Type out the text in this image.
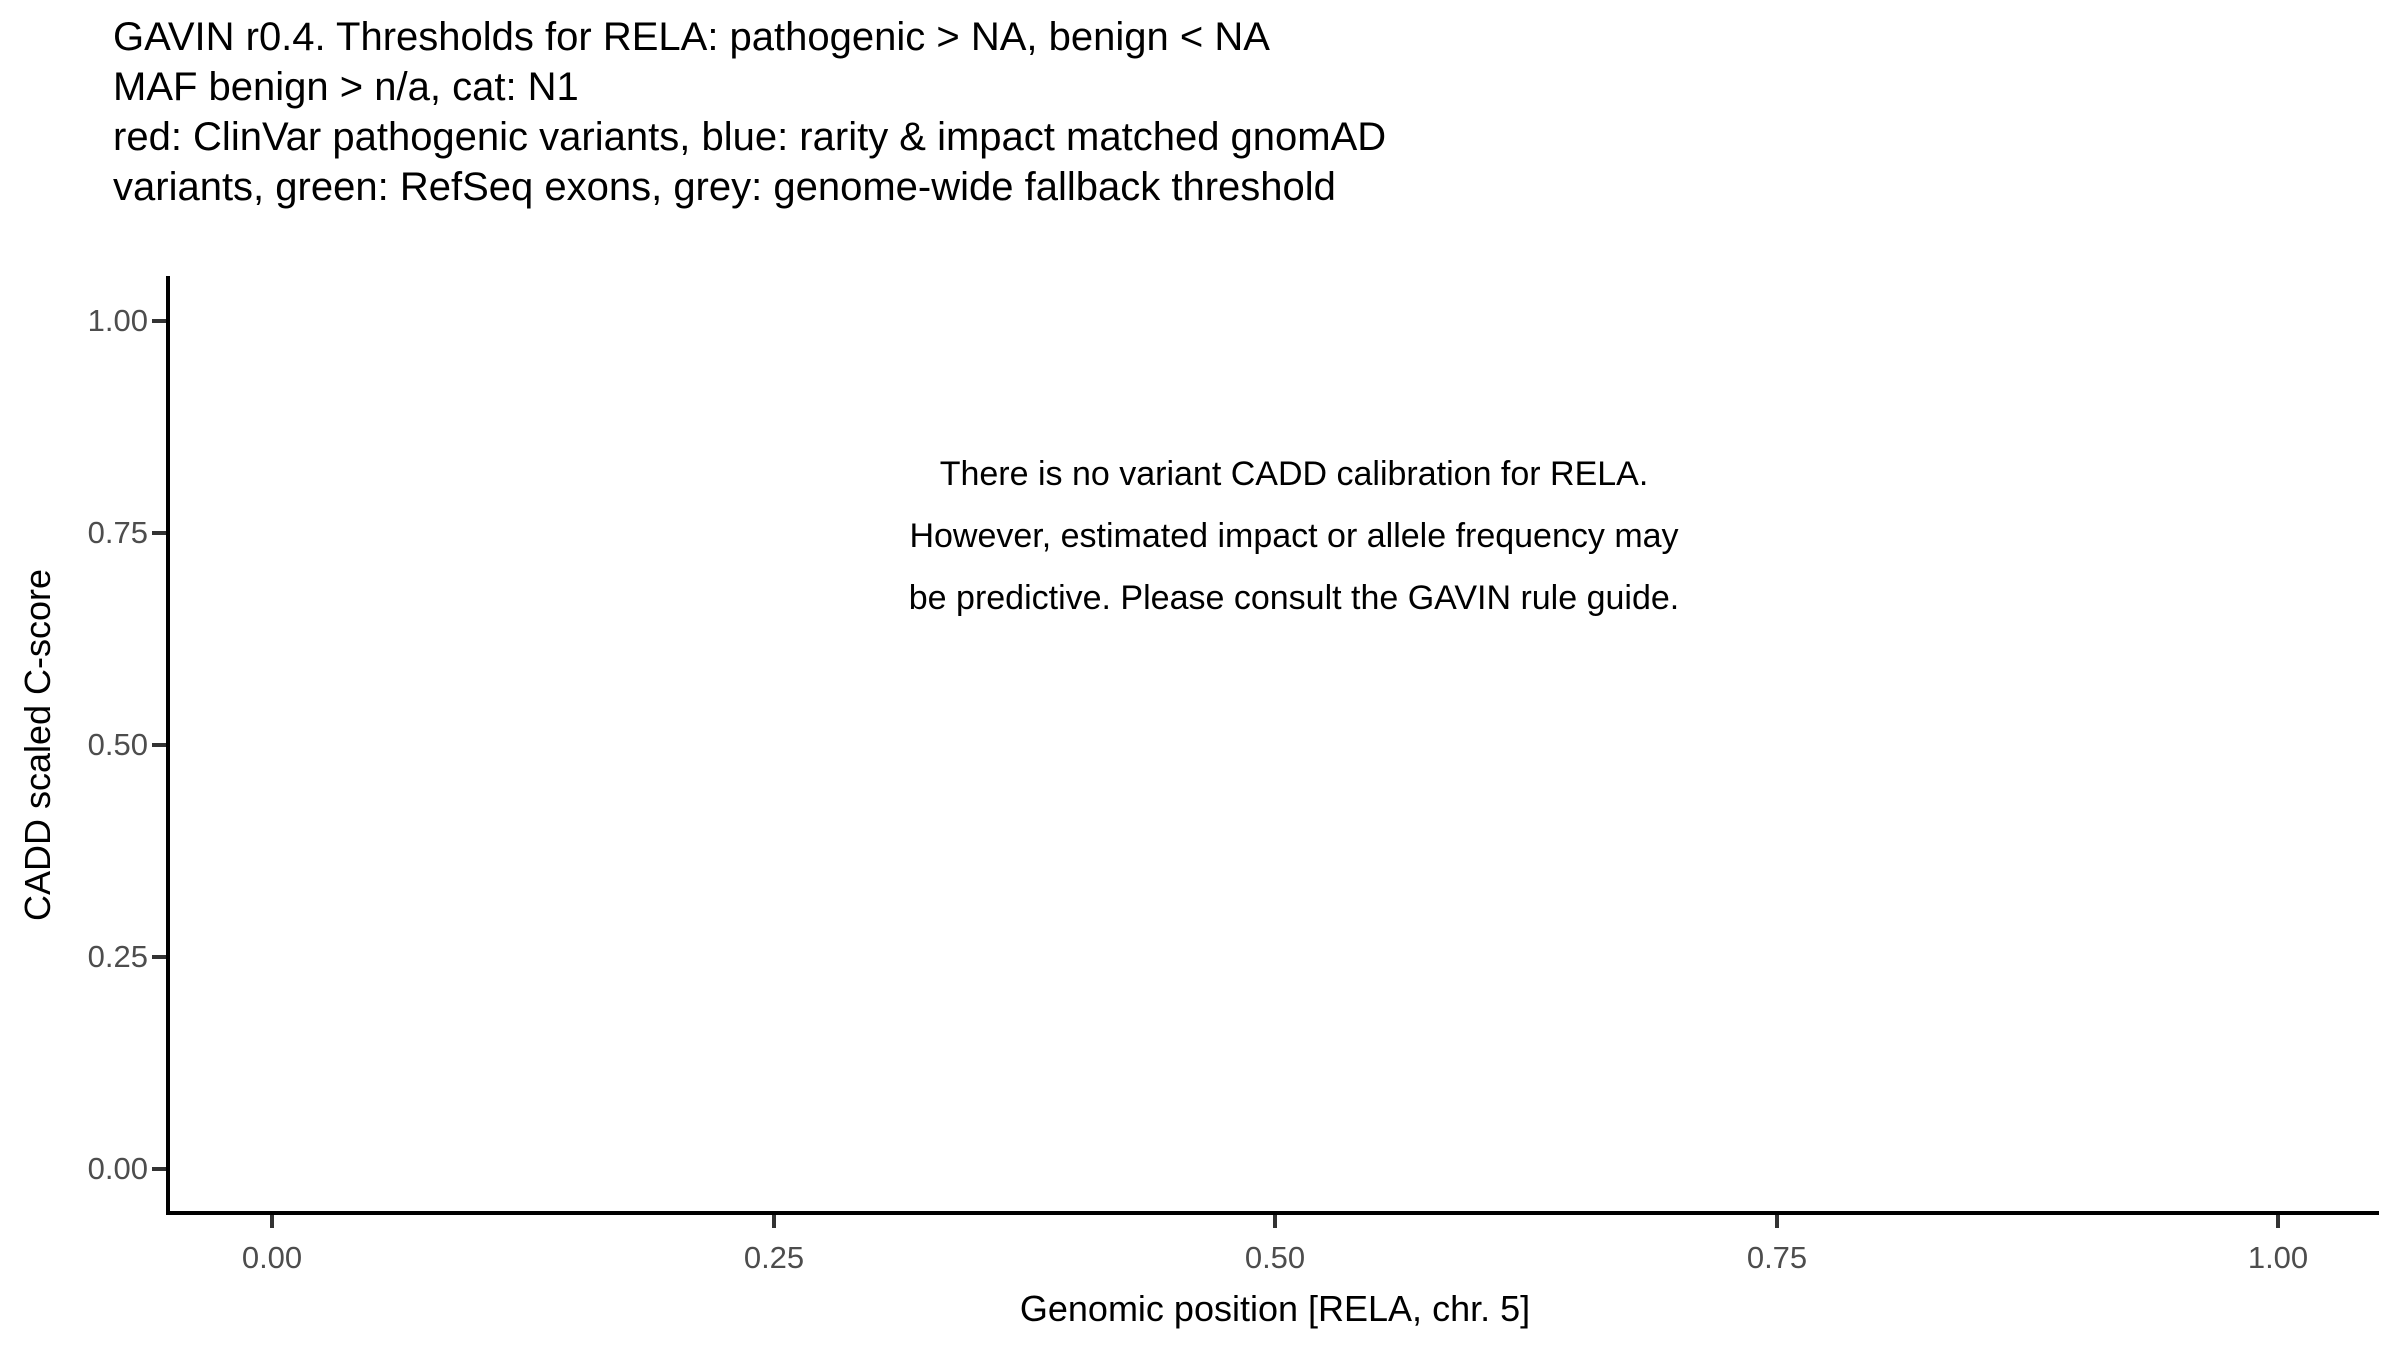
GAVIN r0.4. Thresholds for RELA: pathogenic > NA, benign < NA
MAF benign > n/a, cat: N1
red: ClinVar pathogenic variants, blue: rarity & impact matched gnomAD
variants, green: RefSeq exons, grey: genome-wide fallback threshold
CADD scaled C-score
1.00
0.75
0.50
0.25
0.00
0.00	0.25	0.50	0.75	1.00
Genomic position [RELA, chr. 5]
There is no variant CADD calibration for RELA.
However, estimated impact or allele frequency may
be predictive. Please consult the GAVIN rule guide.
